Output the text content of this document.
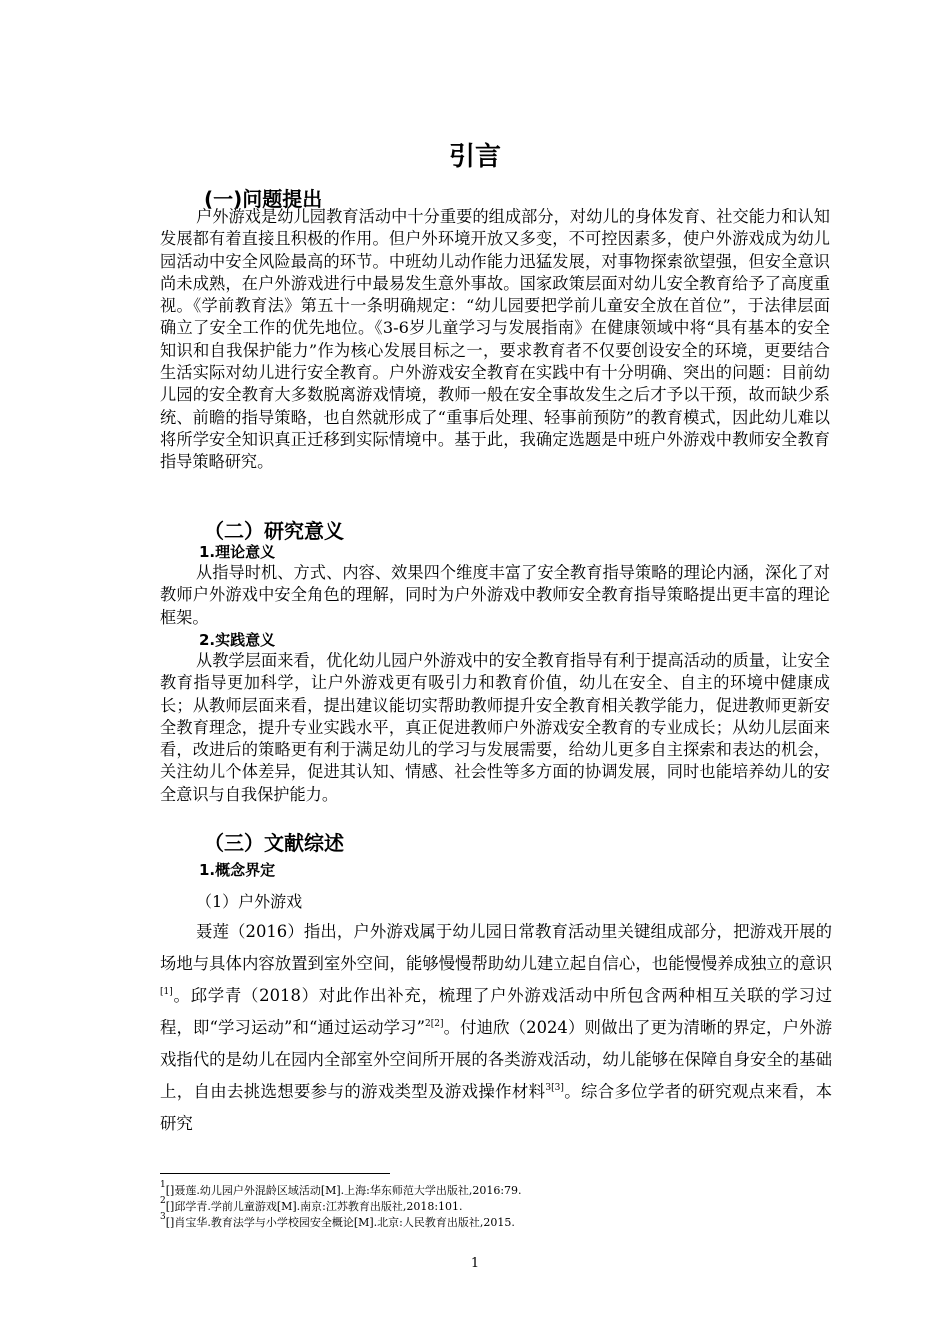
引言
(一)问题提出

户外游戏是幼儿园教育活动中十分重要的组成部分，对幼儿的身体发育、社交能力和认知发展都有着直接且积极的作用。但户外环境开放又多变，不可控因素多，使户外游戏成为幼儿园活动中安全风险最高的环节。中班幼儿动作能力迅猛发展，对事物探索欲望强，但安全意识尚未成熟，在户外游戏进行中最易发生意外事故。国家政策层面对幼儿安全教育给予了高度重视。《学前教育法》第五十一条明确规定：“幼儿园要把学前儿童安全放在首位”，于法律层面确立了安全工作的优先地位。《3-6岁儿童学习与发展指南》在健康领域中将“具有基本的安全知识和自我保护能力”作为核心发展目标之一，要求教育者不仅要创设安全的环境，更要结合生活实际对幼儿进行安全教育。户外游戏安全教育在实践中有十分明确、突出的问题：目前幼儿园的安全教育大多数脱离游戏情境，教师一般在安全事故发生之后才予以干预，故而缺少系统、前瞻的指导策略，也自然就形成了“重事后处理、轻事前预防”的教育模式，因此幼儿难以将所学安全知识真正迁移到实际情境中。基于此，我确定选题是中班户外游戏中教师安全教育指导策略研究。

（二）研究意义
1.理论意义

从指导时机、方式、内容、效果四个维度丰富了安全教育指导策略的理论内涵，深化了对教师户外游戏中安全角色的理解，同时为户外游戏中教师安全教育指导策略提出更丰富的理论框架。

2.实践意义

从教学层面来看，优化幼儿园户外游戏中的安全教育指导有利于提高活动的质量，让安全教育指导更加科学，让户外游戏更有吸引力和教育价值，幼儿在安全、自主的环境中健康成长；从教师层面来看，提出建议能切实帮助教师提升安全教育相关教学能力，促进教师更新安全教育理念，提升专业实践水平，真正促进教师户外游戏安全教育的专业成长；从幼儿层面来看，改进后的策略更有利于满足幼儿的学习与发展需要，给幼儿更多自主探索和表达的机会，关注幼儿个体差异，促进其认知、情感、社会性等多方面的协调发展，同时也能培养幼儿的安全意识与自我保护能力。

（三）文献综述
1.概念界定
（1）户外游戏

聂莲（2016）指出，户外游戏属于幼儿园日常教育活动里关键组成部分，把游戏开展的场地与具体内容放置到室外空间，能够慢慢帮助幼儿建立起自信心，也能慢慢养成独立的意识[1]。邱学青（2018）对此作出补充，梳理了户外游戏活动中所包含两种相互关联的学习过程，即“学习运动”和“通过运动学习”$^{2[2]}$。付迪欣（2024）则做出了更为清晰的界定，户外游戏指代的是幼儿在园内全部室外空间所开展的各类游戏活动，幼儿能够在保障自身安全的基础上，自由去挑选想要参与的游戏类型及游戏操作材料$^{3[3]}$。综合多位学者的研究观点来看，本研究

$^1$[]聂莲.幼儿园户外混龄区域活动[M].上海:华东师范大学出版社,2016:79.
$^2$[]邱学青.学前儿童游戏[M].南京:江苏教育出版社,2018:101.
$^3$[]肖宝华.教育法学与小学校园安全概论[M].北京:人民教育出版社,2015.
1
